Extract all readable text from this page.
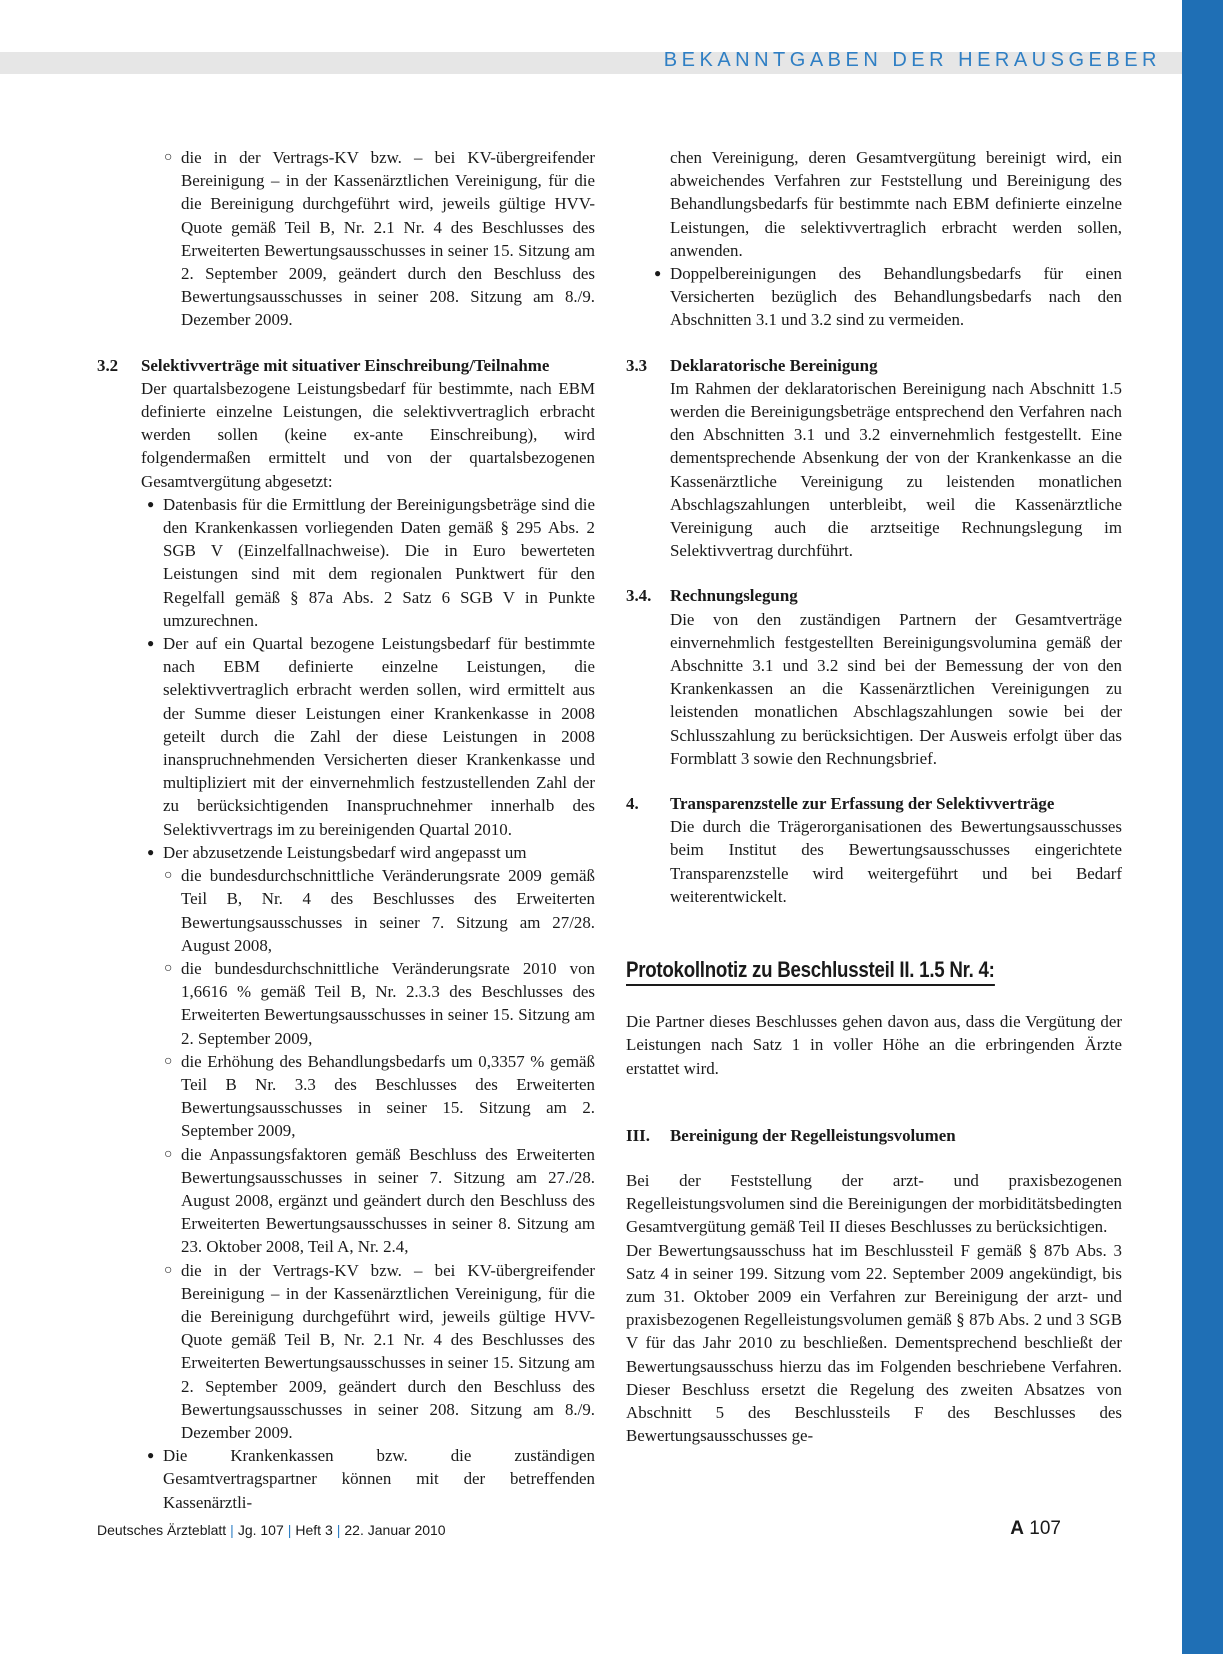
BEKANNTGABEN DER HERAUSGEBER

○ die in der Vertrags-KV bzw. – bei KV-übergreifender Bereinigung – in der Kassenärztlichen Vereinigung, für die die Bereinigung durchgeführt wird, jeweils gültige HVV-Quote gemäß Teil B, Nr. 2.1 Nr. 4 des Beschlusses des Erweiterten Bewertungsausschusses in seiner 15. Sitzung am 2. September 2009, geändert durch den Beschluss des Bewertungsausschusses in seiner 208. Sitzung am 8./9. Dezember 2009.

3.2	Selektivverträge mit situativer Einschreibung/Teilnahme

Der quartalsbezogene Leistungsbedarf für bestimmte, nach EBM definierte einzelne Leistungen, die selektivvertraglich erbracht werden sollen (keine ex-ante Einschreibung), wird folgendermaßen ermittelt und von der quartalsbezogenen Gesamtvergütung abgesetzt:

● Datenbasis für die Ermittlung der Bereinigungsbeträge sind die den Krankenkassen vorliegenden Daten gemäß § 295 Abs. 2 SGB V (Einzelfallnachweise). Die in Euro bewerteten Leistungen sind mit dem regionalen Punktwert für den Regelfall gemäß § 87a Abs. 2 Satz 6 SGB V in Punkte umzurechnen.

● Der auf ein Quartal bezogene Leistungsbedarf für bestimmte nach EBM definierte einzelne Leistungen, die selektivvertraglich erbracht werden sollen, wird ermittelt aus der Summe dieser Leistungen einer Krankenkasse in 2008 geteilt durch die Zahl der diese Leistungen in 2008 inanspruchnehmenden Versicherten dieser Krankenkasse und multipliziert mit der einvernehmlich festzustellenden Zahl der zu berücksichtigenden Inanspruchnehmer innerhalb des Selektivvertrags im zu bereinigenden Quartal 2010.

● Der abzusetzende Leistungsbedarf wird angepasst um

○ die bundesdurchschnittliche Veränderungsrate 2009 gemäß Teil B, Nr. 4 des Beschlusses des Erweiterten Bewertungsausschusses in seiner 7. Sitzung am 27/28. August 2008,

○ die bundesdurchschnittliche Veränderungsrate 2010 von 1,6616 % gemäß Teil B, Nr. 2.3.3 des Beschlusses des Erweiterten Bewertungsausschusses in seiner 15. Sitzung am 2. September 2009,

○ die Erhöhung des Behandlungsbedarfs um 0,3357 % gemäß Teil B Nr. 3.3 des Beschlusses des Erweiterten Bewertungsausschusses in seiner 15. Sitzung am 2. September 2009,

○ die Anpassungsfaktoren gemäß Beschluss des Erweiterten Bewertungsausschusses in seiner 7. Sitzung am 27./28. August 2008, ergänzt und geändert durch den Beschluss des Erweiterten Bewertungsausschusses in seiner 8. Sitzung am 23. Oktober 2008, Teil A, Nr. 2.4,

○ die in der Vertrags-KV bzw. – bei KV-übergreifender Bereinigung – in der Kassenärztlichen Vereinigung, für die die Bereinigung durchgeführt wird, jeweils gültige HVV-Quote gemäß Teil B, Nr. 2.1 Nr. 4 des Beschlusses des Erweiterten Bewertungsausschusses in seiner 15. Sitzung am 2. September 2009, geändert durch den Beschluss des Bewertungsausschusses in seiner 208. Sitzung am 8./9. Dezember 2009.

● Die Krankenkassen bzw. die zuständigen Gesamtvertragspartner können mit der betreffenden Kassenärztli-

chen Vereinigung, deren Gesamtvergütung bereinigt wird, ein abweichendes Verfahren zur Feststellung und Bereinigung des Behandlungsbedarfs für bestimmte nach EBM definierte einzelne Leistungen, die selektivvertraglich erbracht werden sollen, anwenden.

● Doppelbereinigungen des Behandlungsbedarfs für einen Versicherten bezüglich des Behandlungsbedarfs nach den Abschnitten 3.1 und 3.2 sind zu vermeiden.

3.3	Deklaratorische Bereinigung

Im Rahmen der deklaratorischen Bereinigung nach Abschnitt 1.5 werden die Bereinigungsbeträge entsprechend den Verfahren nach den Abschnitten 3.1 und 3.2 einvernehmlich festgestellt. Eine dementsprechende Absenkung der von der Krankenkasse an die Kassenärztliche Vereinigung zu leistenden monatlichen Abschlagszahlungen unterbleibt, weil die Kassenärztliche Vereinigung auch die arztseitige Rechnungslegung im Selektivvertrag durchführt.

3.4.	Rechnungslegung

Die von den zuständigen Partnern der Gesamtverträge einvernehmlich festgestellten Bereinigungsvolumina gemäß der Abschnitte 3.1 und 3.2 sind bei der Bemessung der von den Krankenkassen an die Kassenärztlichen Vereinigungen zu leistenden monatlichen Abschlagszahlungen sowie bei der Schlusszahlung zu berücksichtigen. Der Ausweis erfolgt über das Formblatt 3 sowie den Rechnungsbrief.

4.	Transparenzstelle zur Erfassung der Selektivverträge

Die durch die Trägerorganisationen des Bewertungsausschusses beim Institut des Bewertungsausschusses eingerichtete Transparenzstelle wird weitergeführt und bei Bedarf weiterentwickelt.

Protokollnotiz zu Beschlussteil II. 1.5 Nr. 4:

Die Partner dieses Beschlusses gehen davon aus, dass die Vergütung der Leistungen nach Satz 1 in voller Höhe an die erbringenden Ärzte erstattet wird.

III.	Bereinigung der Regelleistungsvolumen

Bei der Feststellung der arzt- und praxisbezogenen Regelleistungsvolumen sind die Bereinigungen der morbiditätsbedingten Gesamtvergütung gemäß Teil II dieses Beschlusses zu berücksichtigen.

Der Bewertungsausschuss hat im Beschlussteil F gemäß § 87b Abs. 3 Satz 4 in seiner 199. Sitzung vom 22. September 2009 angekündigt, bis zum 31. Oktober 2009 ein Verfahren zur Bereinigung der arzt- und praxisbezogenen Regelleistungsvolumen gemäß § 87b Abs. 2 und 3 SGB V für das Jahr 2010 zu beschließen. Dementsprechend beschließt der Bewertungsausschuss hierzu das im Folgenden beschriebene Verfahren. Dieser Beschluss ersetzt die Regelung des zweiten Absatzes von Abschnitt 5 des Beschlussteils F des Beschlusses des Bewertungsausschusses ge-

Deutsches Ärzteblatt | Jg. 107 | Heft 3 | 22. Januar 2010	A 107
